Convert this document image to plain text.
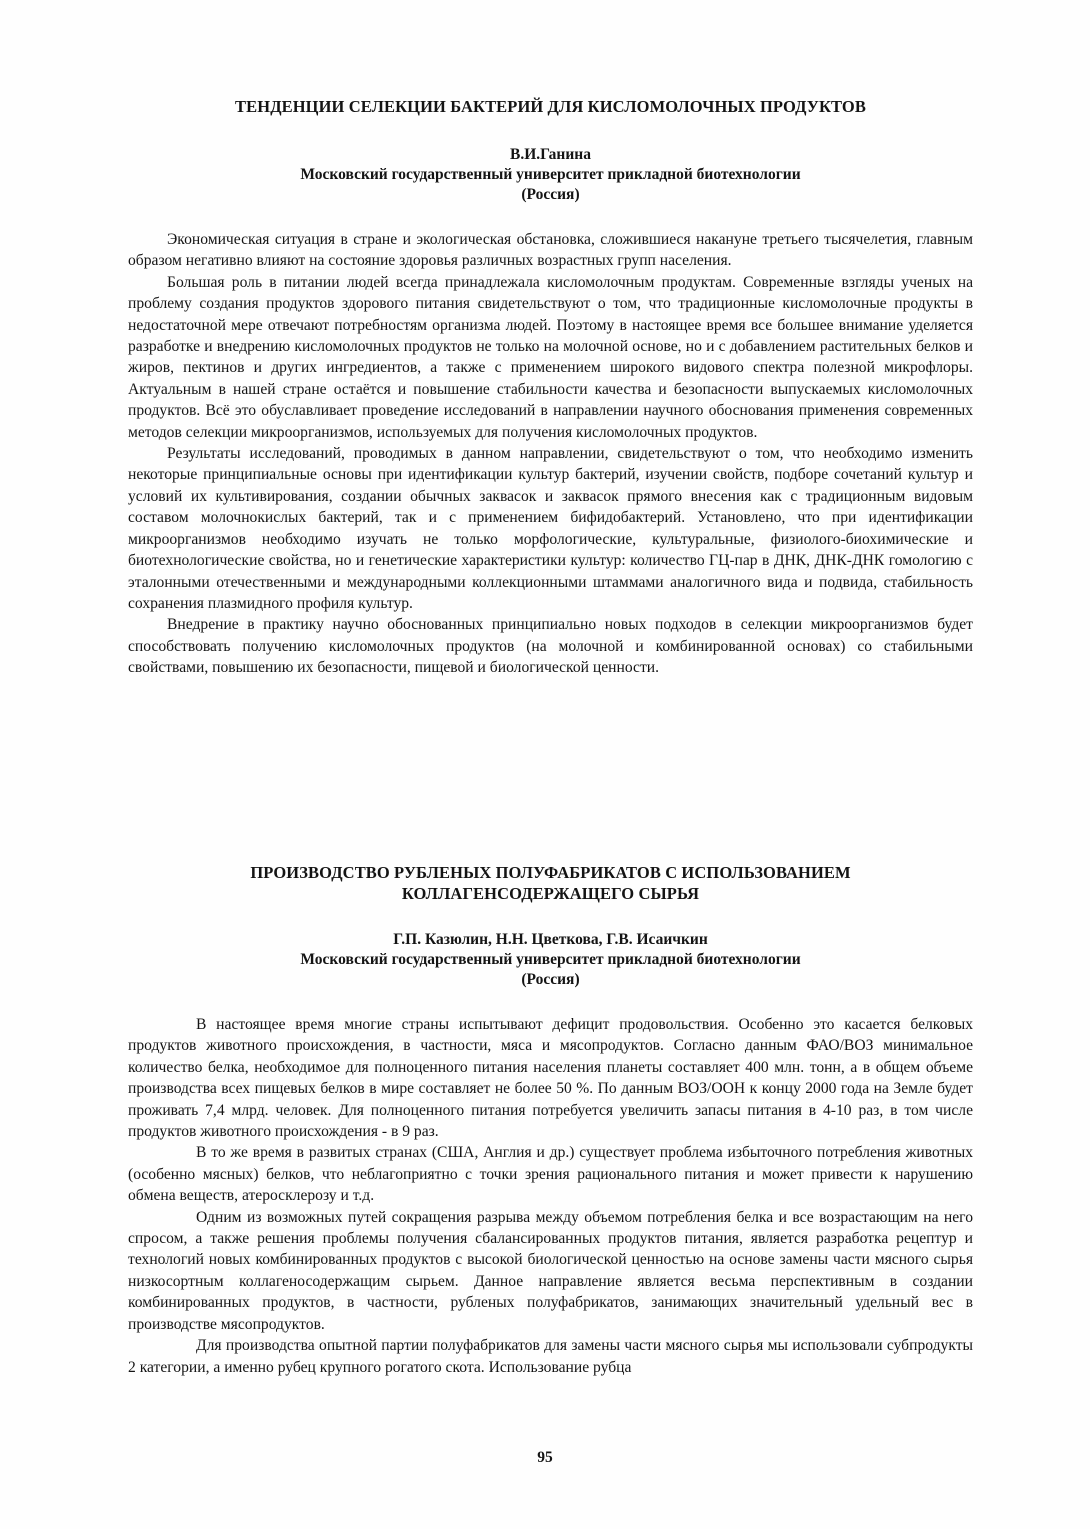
ТЕНДЕНЦИИ СЕЛЕКЦИИ БАКТЕРИЙ ДЛЯ КИСЛОМОЛОЧНЫХ ПРОДУКТОВ

В.И.Ганина

Московский государственный университет прикладной биотехнологии

(Россия)

Экономическая ситуация в стране и экологическая обстановка, сложившиеся накануне третьего тысячелетия, главным образом негативно влияют на состояние здоровья различных возрастных групп населения.

Большая роль в питании людей всегда принадлежала кисломолочным продуктам. Современные взгляды ученых на проблему создания продуктов здорового питания свидетельствуют о том, что традиционные кисломолочные продукты в недостаточной мере отвечают потребностям организма людей. Поэтому в настоящее время все большее внимание уделяется разработке и внедрению кисломолочных продуктов не только на молочной основе, но и с добавлением растительных белков и жиров, пектинов и других ингредиентов, а также с применением широкого видового спектра полезной микрофлоры. Актуальным в нашей стране остаётся и повышение стабильности качества и безопасности выпускаемых кисломолочных продуктов. Всё это обуславливает проведение исследований в направлении научного обоснования применения современных методов селекции микроорганизмов, используемых для получения кисломолочных продуктов.

Результаты исследований, проводимых в данном направлении, свидетельствуют о том, что необходимо изменить некоторые принципиальные основы при идентификации культур бактерий, изучении свойств, подборе сочетаний культур и условий их культивирования, создании обычных заквасок и заквасок прямого внесения как с традиционным видовым составом молочнокислых бактерий, так и с применением бифидобактерий. Установлено, что при идентификации микроорганизмов необходимо изучать не только морфологические, культуральные, физиолого-биохимические и биотехнологические свойства, но и генетические характеристики культур: количество ГЦ-пар в ДНК, ДНК-ДНК гомологию с эталонными отечественными и международными коллекционными штаммами аналогичного вида и подвида, стабильность сохранения плазмидного профиля культур.

Внедрение в практику научно обоснованных принципиально новых подходов в селекции микроорганизмов будет способствовать получению кисломолочных продуктов (на молочной и комбинированной основах) со стабильными свойствами, повышению их безопасности, пищевой и биологической ценности.

ПРОИЗВОДСТВО РУБЛЕНЫХ ПОЛУФАБРИКАТОВ С ИСПОЛЬЗОВАНИЕМ
КОЛЛАГЕНСОДЕРЖАЩЕГО СЫРЬЯ

Г.П. Казюлин, Н.Н. Цветкова, Г.В. Исаичкин

Московский государственный университет прикладной биотехнологии

(Россия)

В настоящее время многие страны испытывают дефицит продовольствия. Особенно это касается белковых продуктов животного происхождения, в частности, мяса и мясопродуктов. Согласно данным ФАО/ВОЗ минимальное количество белка, необходимое для полноценного питания населения планеты составляет 400 млн. тонн, а в общем объеме производства всех пищевых белков в мире составляет не более 50 %. По данным ВОЗ/ООН к концу 2000 года на Земле будет проживать 7,4 млрд. человек. Для полноценного питания потребуется увеличить запасы питания в 4-10 раз, в том числе продуктов животного происхождения - в 9 раз.

В то же время в развитых странах (США, Англия и др.) существует проблема избыточного потребления животных (особенно мясных) белков, что неблагоприятно с точки зрения рационального питания и может привести к нарушению обмена веществ, атеросклерозу и т.д.

Одним из возможных путей сокращения разрыва между объемом потребления белка и все возрастающим на него спросом, а также решения проблемы получения сбалансированных продуктов питания, является разработка рецептур и технологий новых комбинированных продуктов с высокой биологической ценностью на основе замены части мясного сырья низкосортным коллагеносодержащим сырьем. Данное направление является весьма перспективным в создании комбинированных продуктов, в частности, рубленых полуфабрикатов, занимающих значительный удельный вес в производстве мясопродуктов.

Для производства опытной партии полуфабрикатов для замены части мясного сырья мы использовали субпродукты 2 категории, а именно рубец крупного рогатого скота. Использование рубца

95
